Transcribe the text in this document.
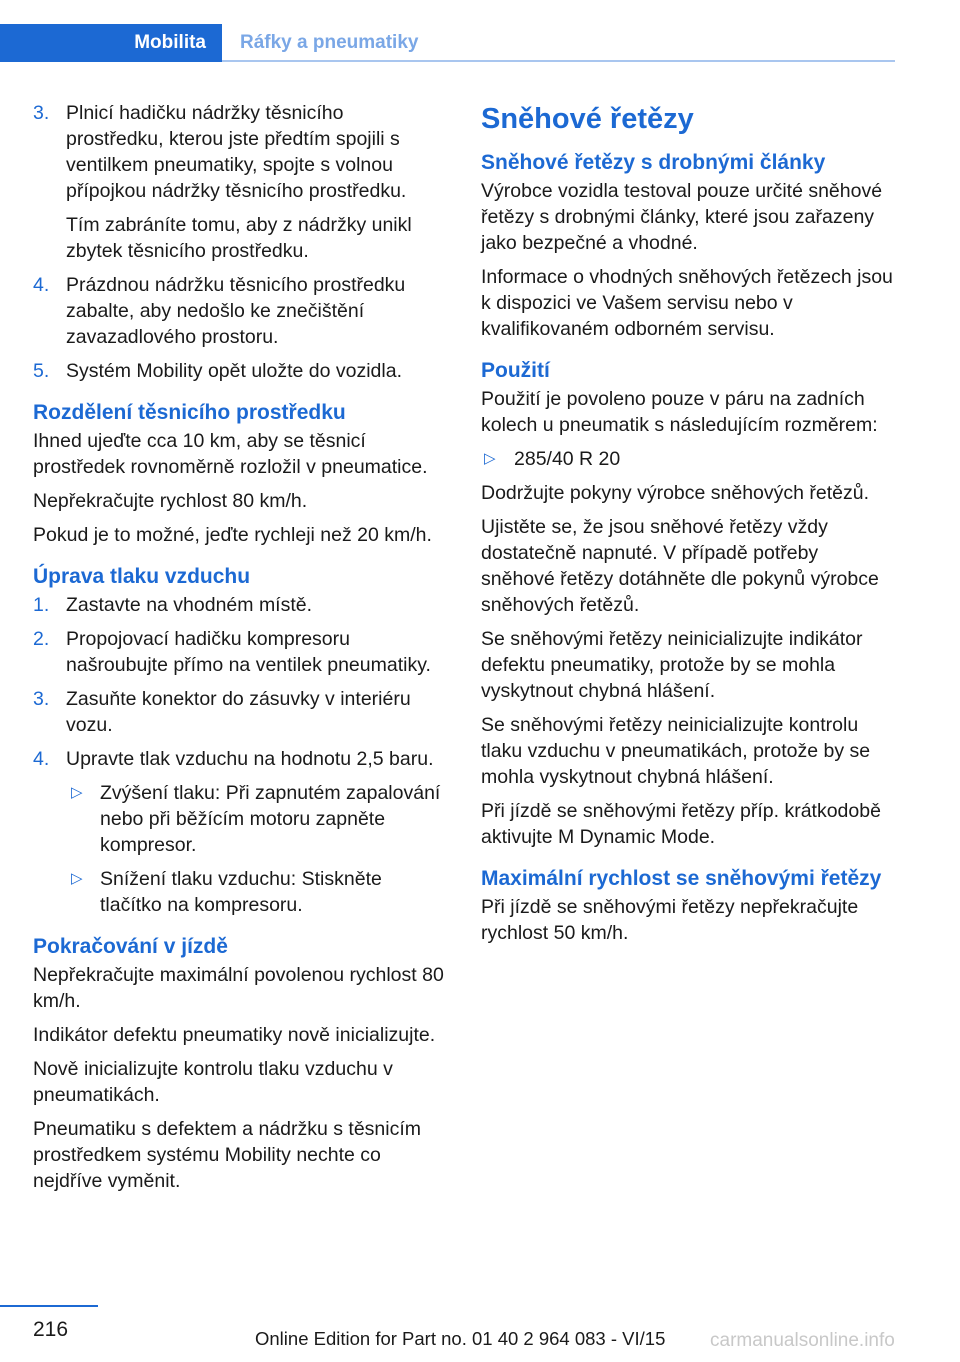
Mobilita	Ráfky a pneumatiky
3. Plnicí hadičku nádržky těsnicího prostředku, kterou jste předtím spojili s ventilkem pneumatiky, spojte s volnou přípojkou nádržky těsnicího prostředku.

Tím zabráníte tomu, aby z nádržky unikl zbytek těsnicího prostředku.

4. Prázdnou nádržku těsnicího prostředku zabalte, aby nedošlo ke znečištění zavazadlového prostoru.

5. Systém Mobility opět uložte do vozidla.

Rozdělení těsnicího prostředku

Ihned ujeďte cca 10 km, aby se těsnicí prostředek rovnoměrně rozložil v pneumatice.

Nepřekračujte rychlost 80 km/h.

Pokud je to možné, jeďte rychleji než 20 km/h.

Úprava tlaku vzduchu
1. Zastavte na vhodném místě.

2. Propojovací hadičku kompresoru našroubujte přímo na ventilek pneumatiky.

3. Zasuňte konektor do zásuvky v interiéru vozu.

4. Upravte tlak vzduchu na hodnotu 2,5 baru.

▷ Zvýšení tlaku: Při zapnutém zapalování nebo při běžícím motoru zapněte kompresor.

▷ Snížení tlaku vzduchu: Stiskněte tlačítko na kompresoru.

Pokračování v jízdě

Nepřekračujte maximální povolenou rychlost 80 km/h.

Indikátor defektu pneumatiky nově inicializujte.

Nově inicializujte kontrolu tlaku vzduchu v pneumatikách.

Pneumatiku s defektem a nádržku s těsnicím prostředkem systému Mobility nechte co nejdříve vyměnit.

Sněhové řetězy
Sněhové řetězy s drobnými články

Výrobce vozidla testoval pouze určité sněhové řetězy s drobnými články, které jsou zařazeny jako bezpečné a vhodné.

Informace o vhodných sněhových řetězech jsou k dispozici ve Vašem servisu nebo v kvalifikovaném odborném servisu.

Použití

Použití je povoleno pouze v páru na zadních kolech u pneumatik s následujícím rozměrem:

▷ 285/40 R 20

Dodržujte pokyny výrobce sněhových řetězů.

Ujistěte se, že jsou sněhové řetězy vždy dostatečně napnuté. V případě potřeby sněhové řetězy dotáhněte dle pokynů výrobce sněhových řetězů.

Se sněhovými řetězy neinicializujte indikátor defektu pneumatiky, protože by se mohla vyskytnout chybná hlášení.

Se sněhovými řetězy neinicializujte kontrolu tlaku vzduchu v pneumatikách, protože by se mohla vyskytnout chybná hlášení.

Při jízdě se sněhovými řetězy příp. krátkodobě aktivujte M Dynamic Mode.

Maximální rychlost se sněhovými řetězy

Při jízdě se sněhovými řetězy nepřekračujte rychlost 50 km/h.

216	Online Edition for Part no. 01 40 2 964 083 - VI/15 carmanualsonline.info
